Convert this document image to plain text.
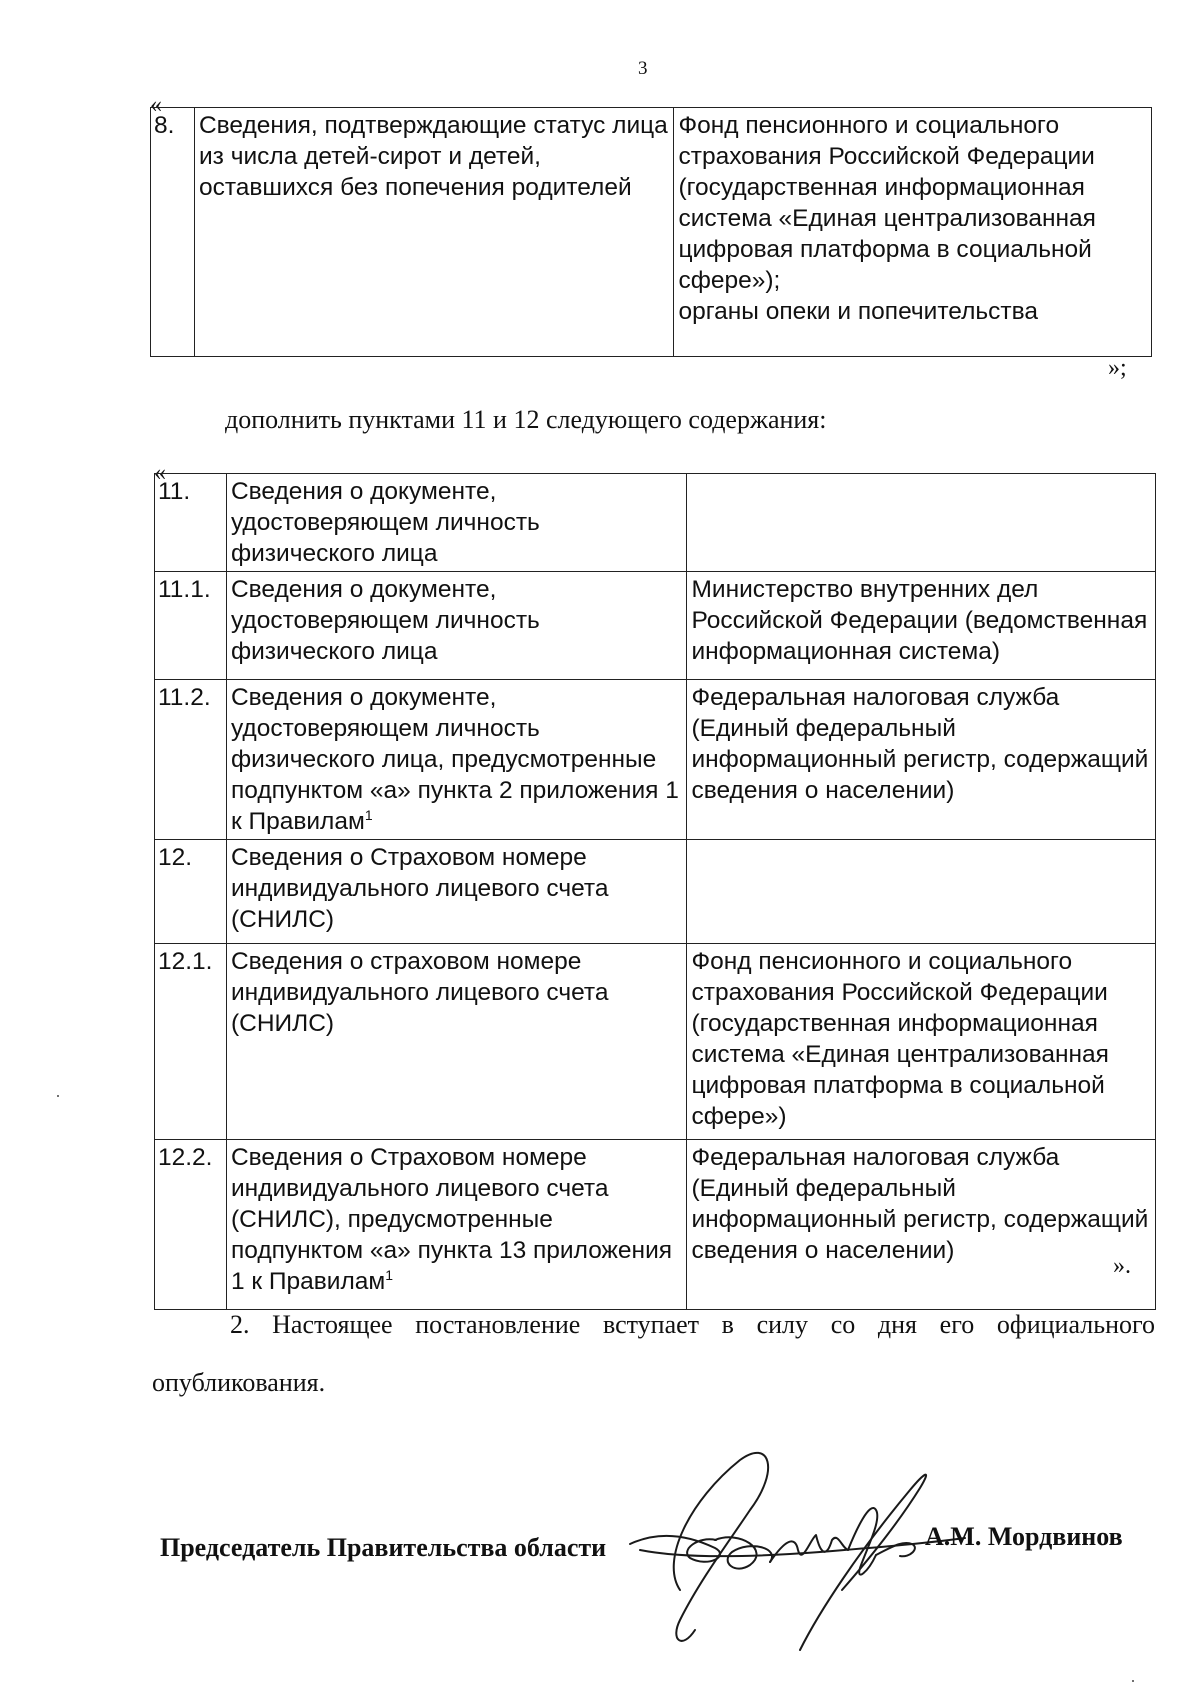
3
«
8.	Сведения, подтверждающие статус лица из числа детей-сирот и детей, оставшихся без попечения родителей	Фонд пенсионного и социального страхования Российской Федерации (государственная информационная система «Единая централизованная цифровая платформа в социальной сфере»);
органы опеки и попечительства
»;
дополнить пунктами 11 и 12 следующего содержания:
«
11.	Сведения о документе, удостоверяющем личность физического лица	
11.1.	Сведения о документе, удостоверяющем личность физического лица	Министерство внутренних дел Российской Федерации (ведомственная информационная система)
11.2.	Сведения о документе, удостоверяющем личность физического лица, предусмотренные подпунктом «а» пункта 2 приложения 1 к Правилам$^1$	Федеральная налоговая служба (Единый федеральный информационный регистр, содержащий сведения о населении)
12.	Сведения о Страховом номере индивидуального лицевого счета (СНИЛС)	
12.1.	Сведения о страховом номере индивидуального лицевого счета (СНИЛС)	Фонд пенсионного и социального страхования Российской Федерации (государственная информационная система «Единая централизованная цифровая платформа в социальной сфере»)
12.2.	Сведения о Страховом номере индивидуального лицевого счета (СНИЛС), предусмотренные подпунктом «а» пункта 13 приложения 1 к Правилам$^1$	Федеральная налоговая служба (Единый федеральный информационный регистр, содержащий сведения о населении)
».
2. Настоящее постановление вступает в силу со дня его официального
опубликования.
Председатель Правительства области	А.М. Мордвинов
